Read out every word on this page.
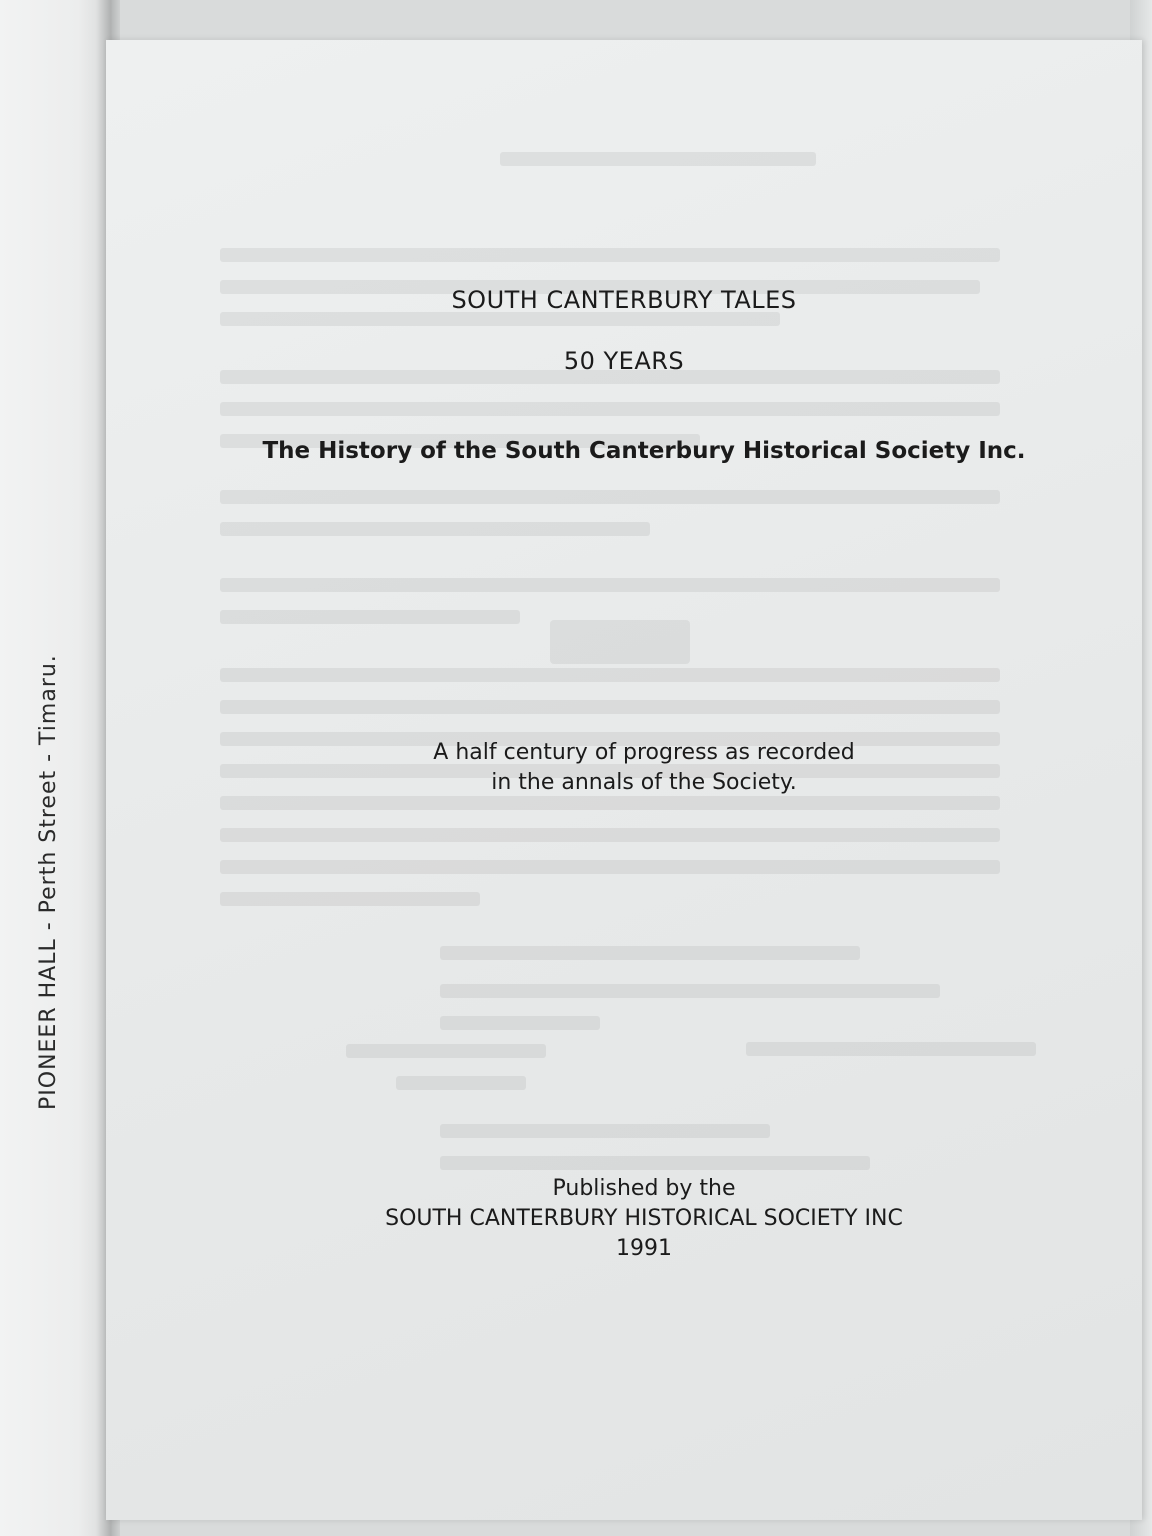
PIONEER HALL - Perth Street - Timaru.
SOUTH CANTERBURY TALES
50 YEARS
The History of the South Canterbury Historical Society Inc.
A half century of progress as recorded
in the annals of the Society.
Published by the
SOUTH CANTERBURY HISTORICAL SOCIETY INC
1991
